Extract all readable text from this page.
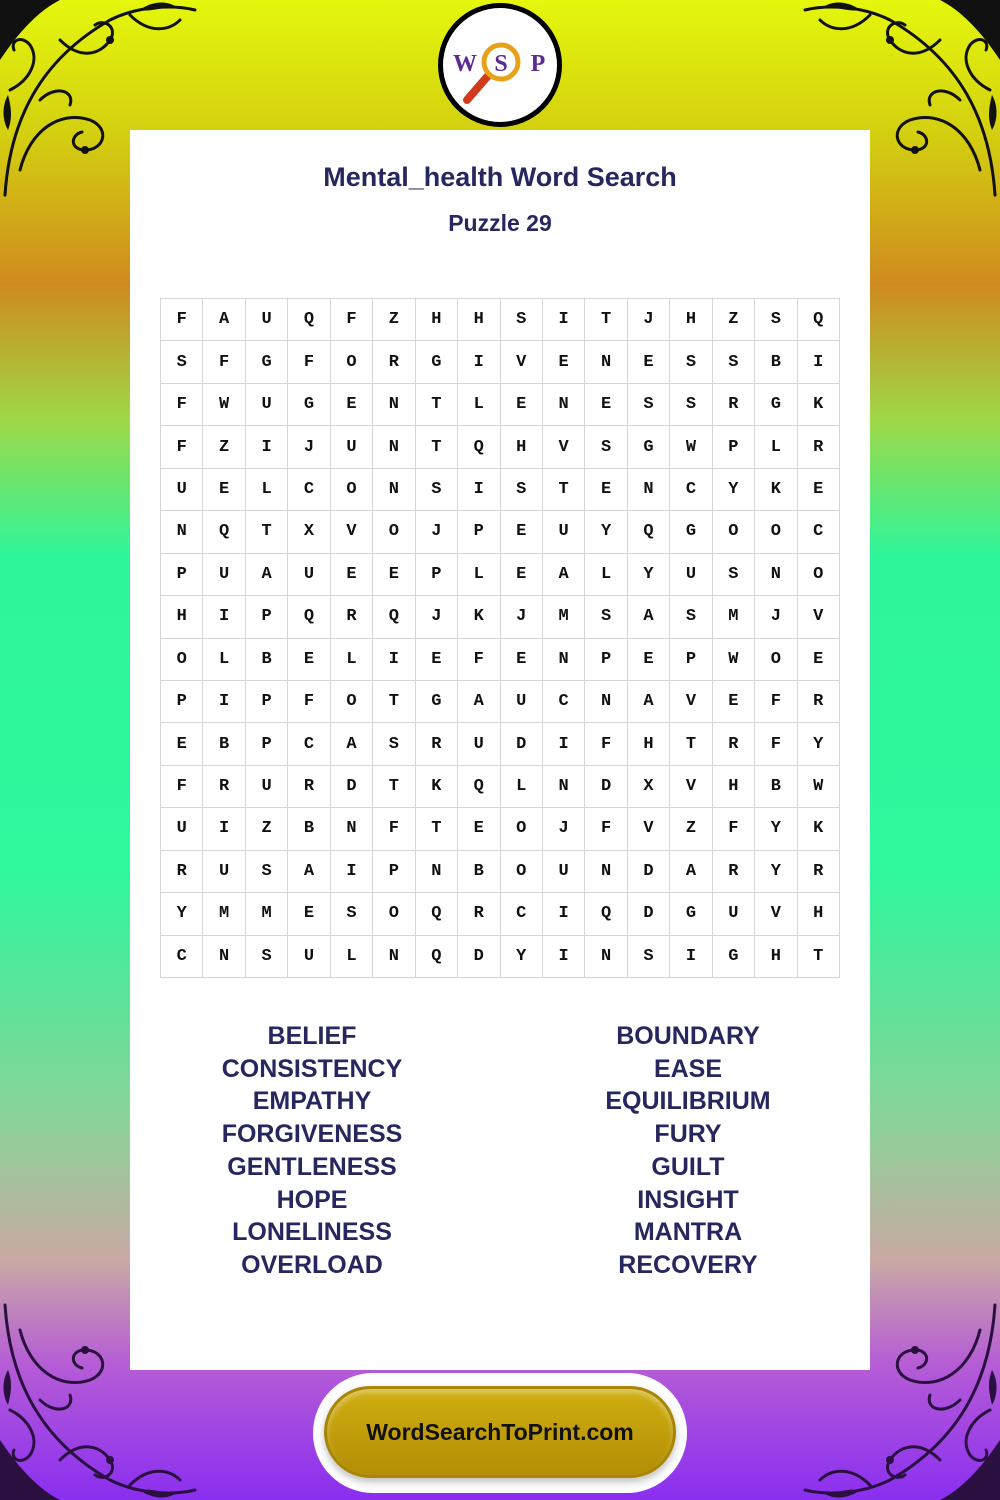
W S P
Mental_health Word Search
Puzzle 29
F	A	U	Q	F	Z	H	H	S	I	T	J	H	Z	S	Q
S	F	G	F	O	R	G	I	V	E	N	E	S	S	B	I
F	W	U	G	E	N	T	L	E	N	E	S	S	R	G	K
F	Z	I	J	U	N	T	Q	H	V	S	G	W	P	L	R
U	E	L	C	O	N	S	I	S	T	E	N	C	Y	K	E
N	Q	T	X	V	O	J	P	E	U	Y	Q	G	O	O	C
P	U	A	U	E	E	P	L	E	A	L	Y	U	S	N	O
H	I	P	Q	R	Q	J	K	J	M	S	A	S	M	J	V
O	L	B	E	L	I	E	F	E	N	P	E	P	W	O	E
P	I	P	F	O	T	G	A	U	C	N	A	V	E	F	R
E	B	P	C	A	S	R	U	D	I	F	H	T	R	F	Y
F	R	U	R	D	T	K	Q	L	N	D	X	V	H	B	W
U	I	Z	B	N	F	T	E	O	J	F	V	Z	F	Y	K
R	U	S	A	I	P	N	B	O	U	N	D	A	R	Y	R
Y	M	M	E	S	O	Q	R	C	I	Q	D	G	U	V	H
C	N	S	U	L	N	Q	D	Y	I	N	S	I	G	H	T
BELIEF
CONSISTENCY
EMPATHY
FORGIVENESS
GENTLENESS
HOPE
LONELINESS
OVERLOAD
BOUNDARY
EASE
EQUILIBRIUM
FURY
GUILT
INSIGHT
MANTRA
RECOVERY
WordSearchToPrint.com
